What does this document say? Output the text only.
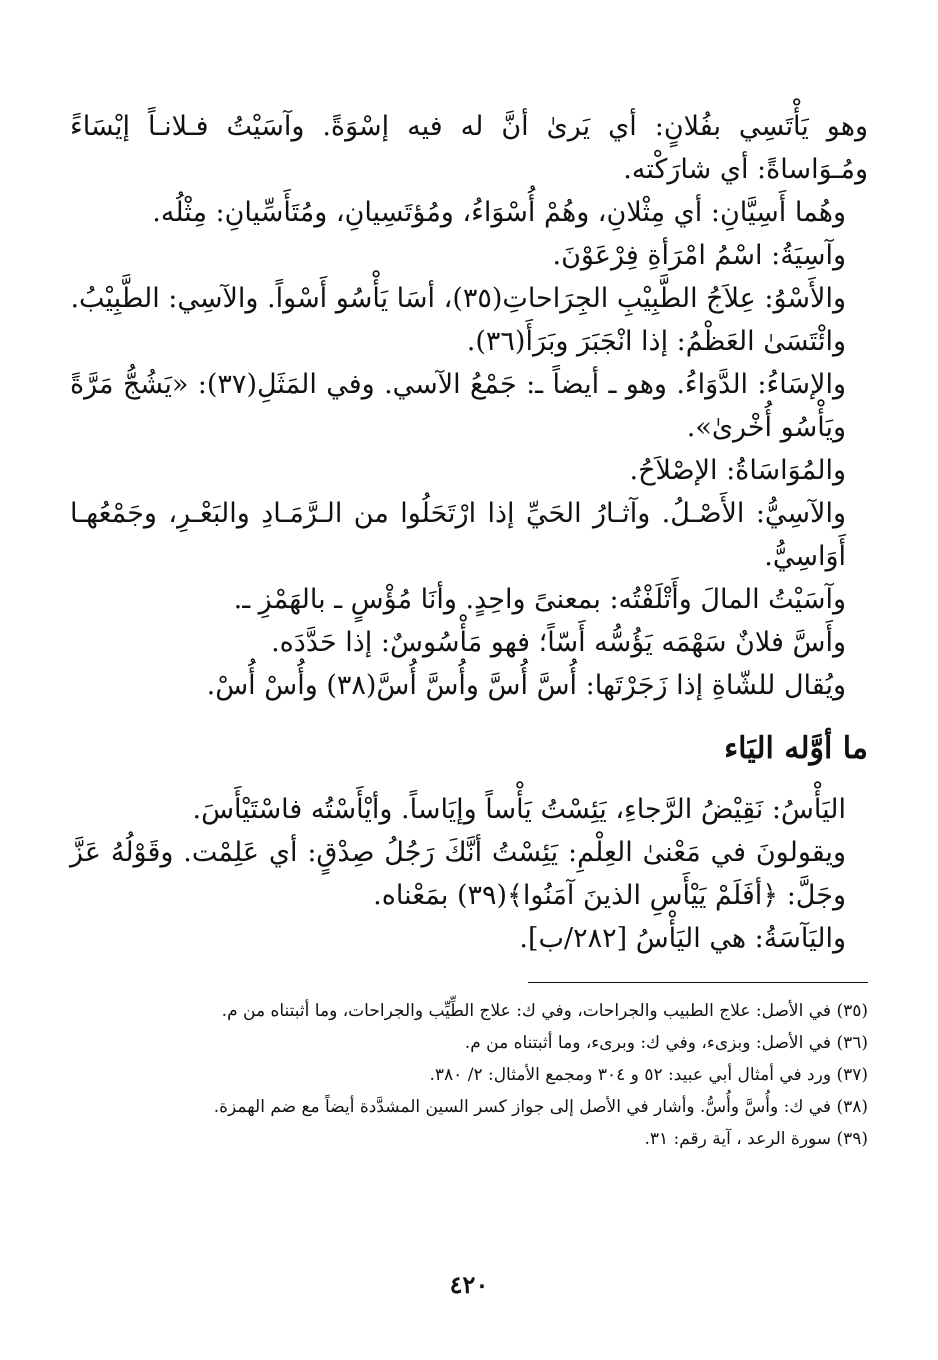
وهو يَأْتَسِي بفُلانٍ: أي يَرىٰ أنَّ له فيه إسْوَةً. وآسَيْتُ فـلانـاً إيْسَاءً ومُـوَاساةً: أي شارَكْته.

وهُما أَسِيَّانِ: أي مِثْلانِ، وهُمْ أُسْوَاءُ، ومُؤتَسِيانِ، ومُتَأَسِّيانِ: مِثْلُه.

وآسِيَةُ: اسْمُ امْرَأةِ فِرْعَوْنَ.

والأَسْوُ: عِلاَجُ الطَّبِيْبِ الجِرَاحاتِ(٣٥)، أسَا يَأْسُو أَسْواً. والآسِي: الطَّبِيْبُ.

وائْتَسَىٰ العَظْمُ: إذا انْجَبَرَ وبَرَأَ(٣٦).

والإسَاءُ: الدَّوَاءُ. وهو ـ أيضاً ـ: جَمْعُ الآسي. وفي المَثَلِ(٣٧): «يَشُجُّ مَرَّةً ويَأْسُو أُخْرىٰ».

والمُوَاسَاةُ: الإصْلاَحُ.

والآسِيُّ: الأَصْـلُ. وآثـارُ الحَيِّ إذا ارْتَحَلُوا من الـرَّمَـادِ والبَعْـرِ، وجَمْعُهـا أَوَاسِيُّ.

وآسَيْتُ المالَ وأَتْلَفْتُه: بمعنىً واحِدٍ. وأنَا مُؤْسٍ ـ بالهَمْزِ ـ.

وأَسَّ فلانٌ سَهْمَه يَؤُسُّه أَسّاً؛ فهو مَأْسُوسٌ: إذا حَدَّدَه.

ويُقال للشّاةِ إذا زَجَرْتَها: أُسَّ أُسَّ وأُسَّ أُسَّ(٣٨) وأُسْ أُسْ.

ما أوَّله اليَاء

اليَأْسُ: نَقِيْضُ الرَّجاءِ، يَئِسْتُ يَأْساً وإيَاساً. وأيْأَسْتُه فاسْتَيْأَسَ.

ويقولونَ في مَعْنىٰ العِلْمِ: يَئِسْتُ أنَّكَ رَجُلُ صِدْقٍ: أي عَلِمْت. وقَوْلُهُ عَزَّ وجَلَّ: ﴿أفَلَمْ يَيْأَسِ الذينَ آمَنُوا﴾(٣٩) بمَعْناه.

واليَآسَةُ: هي اليَأْسُ [٢٨٢/ب].

(٣٥) في الأصل: علاج الطبيب والجراحات، وفي ك: علاج الطِّيِّب والجراحات، وما أثبتناه من م.

(٣٦) في الأصل: وبزىء، وفي ك: وبرىء، وما أثبتناه من م.

(٣٧) ورد في أمثال أبي عبيد: ٥٢ و ٣٠٤ ومجمع الأمثال: ٢/ ٣٨٠.

(٣٨) في ك: وأُسَّ وأُسُّ. وأشار في الأصل إلى جواز كسر السين المشدَّدة أيضاً مع ضم الهمزة.

(٣٩) سورة الرعد ، آية رقم: ٣١.

٤٢٠
